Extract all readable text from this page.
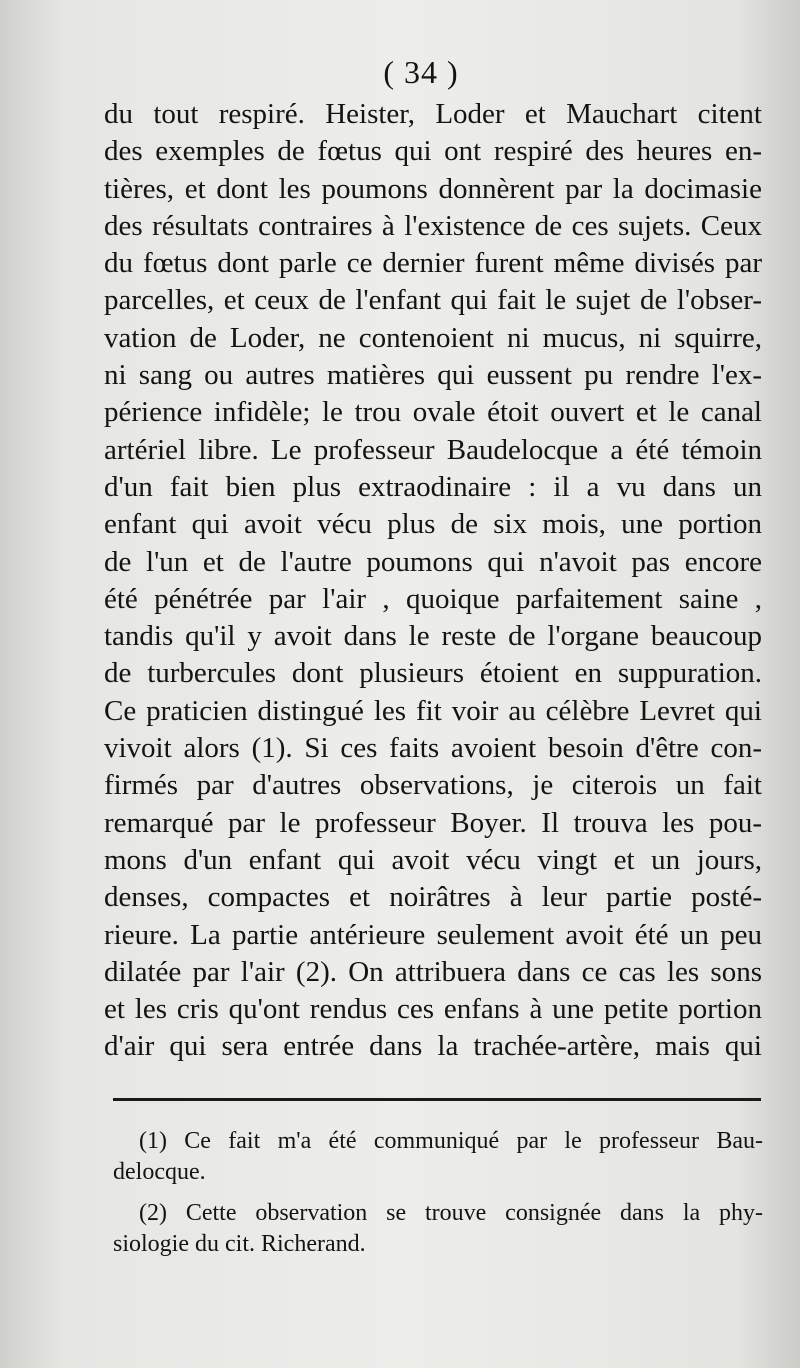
( 34 )
du tout respiré. Heister, Loder et Mauchart citent
des exemples de fœtus qui ont respiré des heures en-
tières, et dont les poumons donnèrent par la docimasie
des résultats contraires à l'existence de ces sujets. Ceux
du fœtus dont parle ce dernier furent même divisés par
parcelles, et ceux de l'enfant qui fait le sujet de l'obser-
vation de Loder, ne contenoient ni mucus, ni squirre,
ni sang ou autres matières qui eussent pu rendre l'ex-
périence infidèle; le trou ovale étoit ouvert et le canal
artériel libre. Le professeur Baudelocque a été témoin
d'un fait bien plus extraodinaire : il a vu dans un
enfant qui avoit vécu plus de six mois, une portion
de l'un et de l'autre poumons qui n'avoit pas encore
été pénétrée par l'air , quoique parfaitement saine ,
tandis qu'il y avoit dans le reste de l'organe beaucoup
de turbercules dont plusieurs étoient en suppuration.
Ce praticien distingué les fit voir au célèbre Levret qui
vivoit alors (1). Si ces faits avoient besoin d'être con-
firmés par d'autres observations, je citerois un fait
remarqué par le professeur Boyer. Il trouva les pou-
mons d'un enfant qui avoit vécu vingt et un jours,
denses, compactes et noirâtres à leur partie posté-
rieure. La partie antérieure seulement avoit été un peu
dilatée par l'air (2). On attribuera dans ce cas les sons
et les cris qu'ont rendus ces enfans à une petite portion
d'air qui sera entrée dans la trachée-artère, mais qui
(1) Ce fait m'a été communiqué par le professeur Bau-
delocque.
(2) Cette observation se trouve consignée dans la phy-
siologie du cit. Richerand.
